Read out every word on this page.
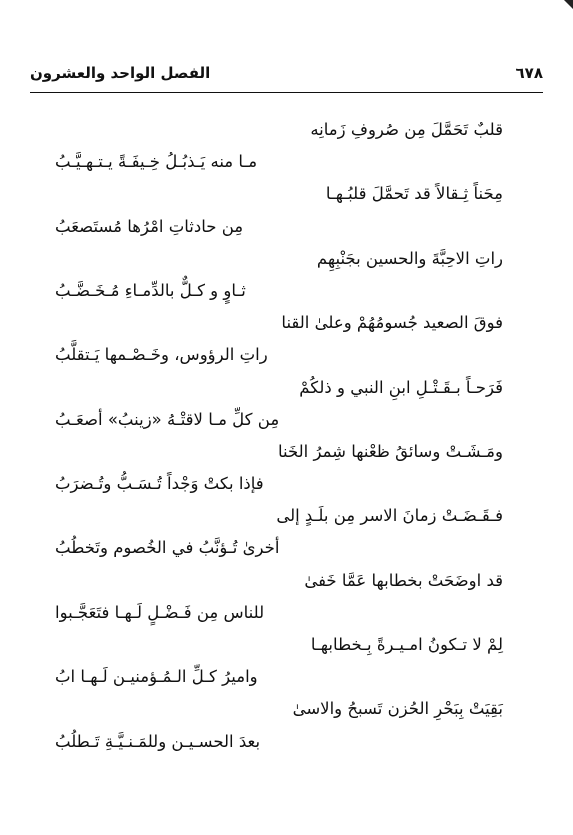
٦٧٨
الفصل الواحد والعشرون
قلبٌ تَحَمَّلَ مِن صُروفِ زَمانِه
مـا منه يَـذبُـلُ خِـيفَـةً يـتـهـيَّـبُ
مِحَناً ثِـقالاً قد تَحمَّلَ قلبُـهـا
مِن حادثاتِ امْرُها مُستَصعَبُ
راتِ الاحِبَّةَ والحسين بجَنْبِهِم
ثـاوٍ و كـلٌّ بالدِّمـاءِ مُـخَـضَّـبُ
فوقَ الصعيد جُسومُهُمْ وعلىٰ القنا
راتِ الرؤوس، وخَـصْـمها يَـتقلَّبُ
فَرَحـاً بـقَـتْـلِ ابنِ النبي و ذلكُمْ
مِن كلِّ مـا لاقتْـهُ «زينبُ» أصعَـبُ
ومَـشَـتْ وسائقُ ظعْنها شِمرُ الخَنا
فإذا بكتْ وَجْداً تُـسَـبُّ وتُـضرَبُ
فـقَـضَـتْ زمانَ الاسر مِن بلَـدٍ إلى
أخرىٰ تُـؤنَّبُ في الخُصوم وتَخطُبُ
قد اوضَحَتْ بخطابها عَمَّا خَفىٰ
للناس مِن فَـضْـلٍ لَـهـا فتَعَجَّـبوا
لِمْ لا تـكونُ امـيـرةً بِـخطابهـا
واميرُ كـلِّ الـمُـؤمنيـن لَـهـا ابُ
بَقِيَتْ بِبَحْرِ الحُزن تَسبحُ والاسىٰ
بعدَ الحسـيـن وللمَـنـيَّـةِ تَـطلُبُ
